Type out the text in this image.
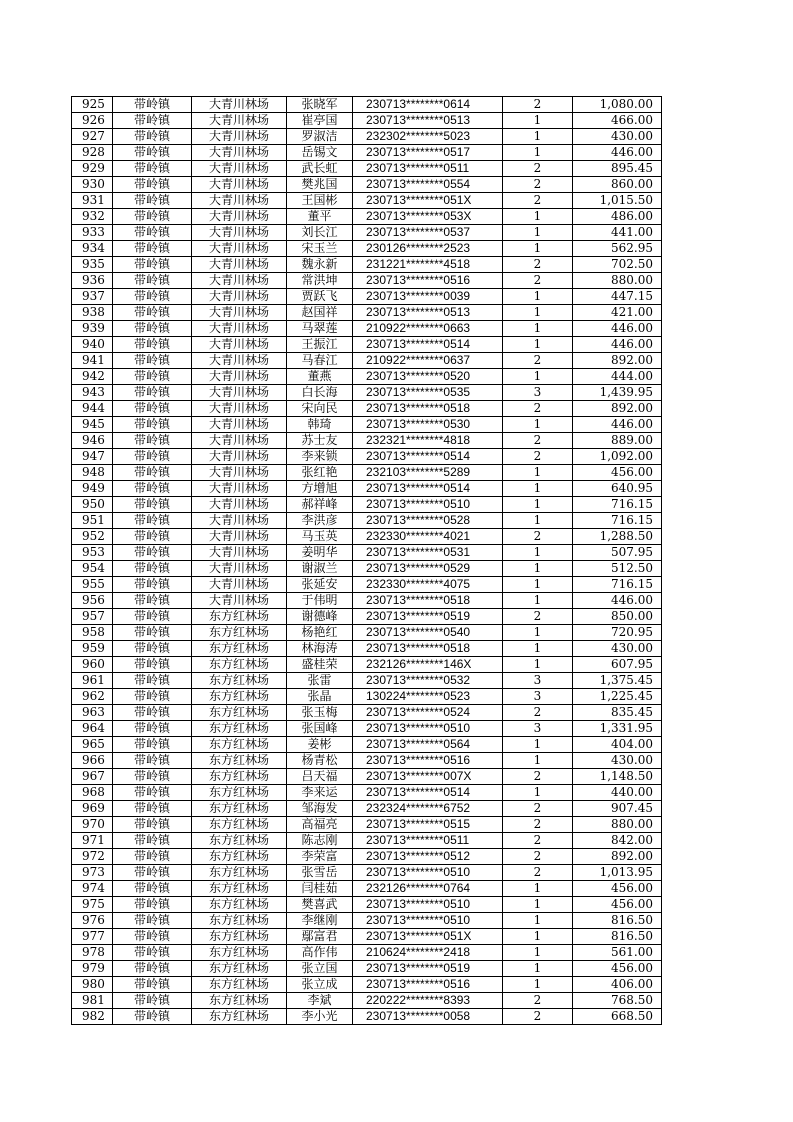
925	带岭镇	大青川林场	张晓军	230713********0614	2	1,080.00
926	带岭镇	大青川林场	崔亭国	230713********0513	1	466.00
927	带岭镇	大青川林场	罗淑洁	232302********5023	1	430.00
928	带岭镇	大青川林场	岳锡文	230713********0517	1	446.00
929	带岭镇	大青川林场	武长虹	230713********0511	2	895.45
930	带岭镇	大青川林场	樊兆国	230713********0554	2	860.00
931	带岭镇	大青川林场	王国彬	230713********051X	2	1,015.50
932	带岭镇	大青川林场	董平	230713********053X	1	486.00
933	带岭镇	大青川林场	刘长江	230713********0537	1	441.00
934	带岭镇	大青川林场	宋玉兰	230126********2523	1	562.95
935	带岭镇	大青川林场	魏永新	231221********4518	2	702.50
936	带岭镇	大青川林场	常洪坤	230713********0516	2	880.00
937	带岭镇	大青川林场	贾跃飞	230713********0039	1	447.15
938	带岭镇	大青川林场	赵国祥	230713********0513	1	421.00
939	带岭镇	大青川林场	马翠莲	210922********0663	1	446.00
940	带岭镇	大青川林场	王振江	230713********0514	1	446.00
941	带岭镇	大青川林场	马春江	210922********0637	2	892.00
942	带岭镇	大青川林场	董燕	230713********0520	1	444.00
943	带岭镇	大青川林场	白长海	230713********0535	3	1,439.95
944	带岭镇	大青川林场	宋向民	230713********0518	2	892.00
945	带岭镇	大青川林场	韩琦	230713********0530	1	446.00
946	带岭镇	大青川林场	苏士友	232321********4818	2	889.00
947	带岭镇	大青川林场	李来锁	230713********0514	2	1,092.00
948	带岭镇	大青川林场	张红艳	232103********5289	1	456.00
949	带岭镇	大青川林场	方增旭	230713********0514	1	640.95
950	带岭镇	大青川林场	郝祥峰	230713********0510	1	716.15
951	带岭镇	大青川林场	李洪彦	230713********0528	1	716.15
952	带岭镇	大青川林场	马玉英	232330********4021	2	1,288.50
953	带岭镇	大青川林场	姜明华	230713********0531	1	507.95
954	带岭镇	大青川林场	谢淑兰	230713********0529	1	512.50
955	带岭镇	大青川林场	张延安	232330********4075	1	716.15
956	带岭镇	大青川林场	于伟明	230713********0518	1	446.00
957	带岭镇	东方红林场	谢德峰	230713********0519	2	850.00
958	带岭镇	东方红林场	杨艳红	230713********0540	1	720.95
959	带岭镇	东方红林场	林海涛	230713********0518	1	430.00
960	带岭镇	东方红林场	盛桂荣	232126********146X	1	607.95
961	带岭镇	东方红林场	张雷	230713********0532	3	1,375.45
962	带岭镇	东方红林场	张晶	130224********0523	3	1,225.45
963	带岭镇	东方红林场	张玉梅	230713********0524	2	835.45
964	带岭镇	东方红林场	张国峰	230713********0510	3	1,331.95
965	带岭镇	东方红林场	姜彬	230713********0564	1	404.00
966	带岭镇	东方红林场	杨青松	230713********0516	1	430.00
967	带岭镇	东方红林场	吕天福	230713********007X	2	1,148.50
968	带岭镇	东方红林场	李来运	230713********0514	1	440.00
969	带岭镇	东方红林场	邹海发	232324********6752	2	907.45
970	带岭镇	东方红林场	高福亮	230713********0515	2	880.00
971	带岭镇	东方红林场	陈志刚	230713********0511	2	842.00
972	带岭镇	东方红林场	李荣富	230713********0512	2	892.00
973	带岭镇	东方红林场	张雪岳	230713********0510	2	1,013.95
974	带岭镇	东方红林场	闫桂茹	232126********0764	1	456.00
975	带岭镇	东方红林场	樊喜武	230713********0510	1	456.00
976	带岭镇	东方红林场	李继刚	230713********0510	1	816.50
977	带岭镇	东方红林场	鄢富君	230713********051X	1	816.50
978	带岭镇	东方红林场	高作伟	210624********2418	1	561.00
979	带岭镇	东方红林场	张立国	230713********0519	1	456.00
980	带岭镇	东方红林场	张立成	230713********0516	1	406.00
981	带岭镇	东方红林场	李斌	220222********8393	2	768.50
982	带岭镇	东方红林场	李小光	230713********0058	2	668.50
